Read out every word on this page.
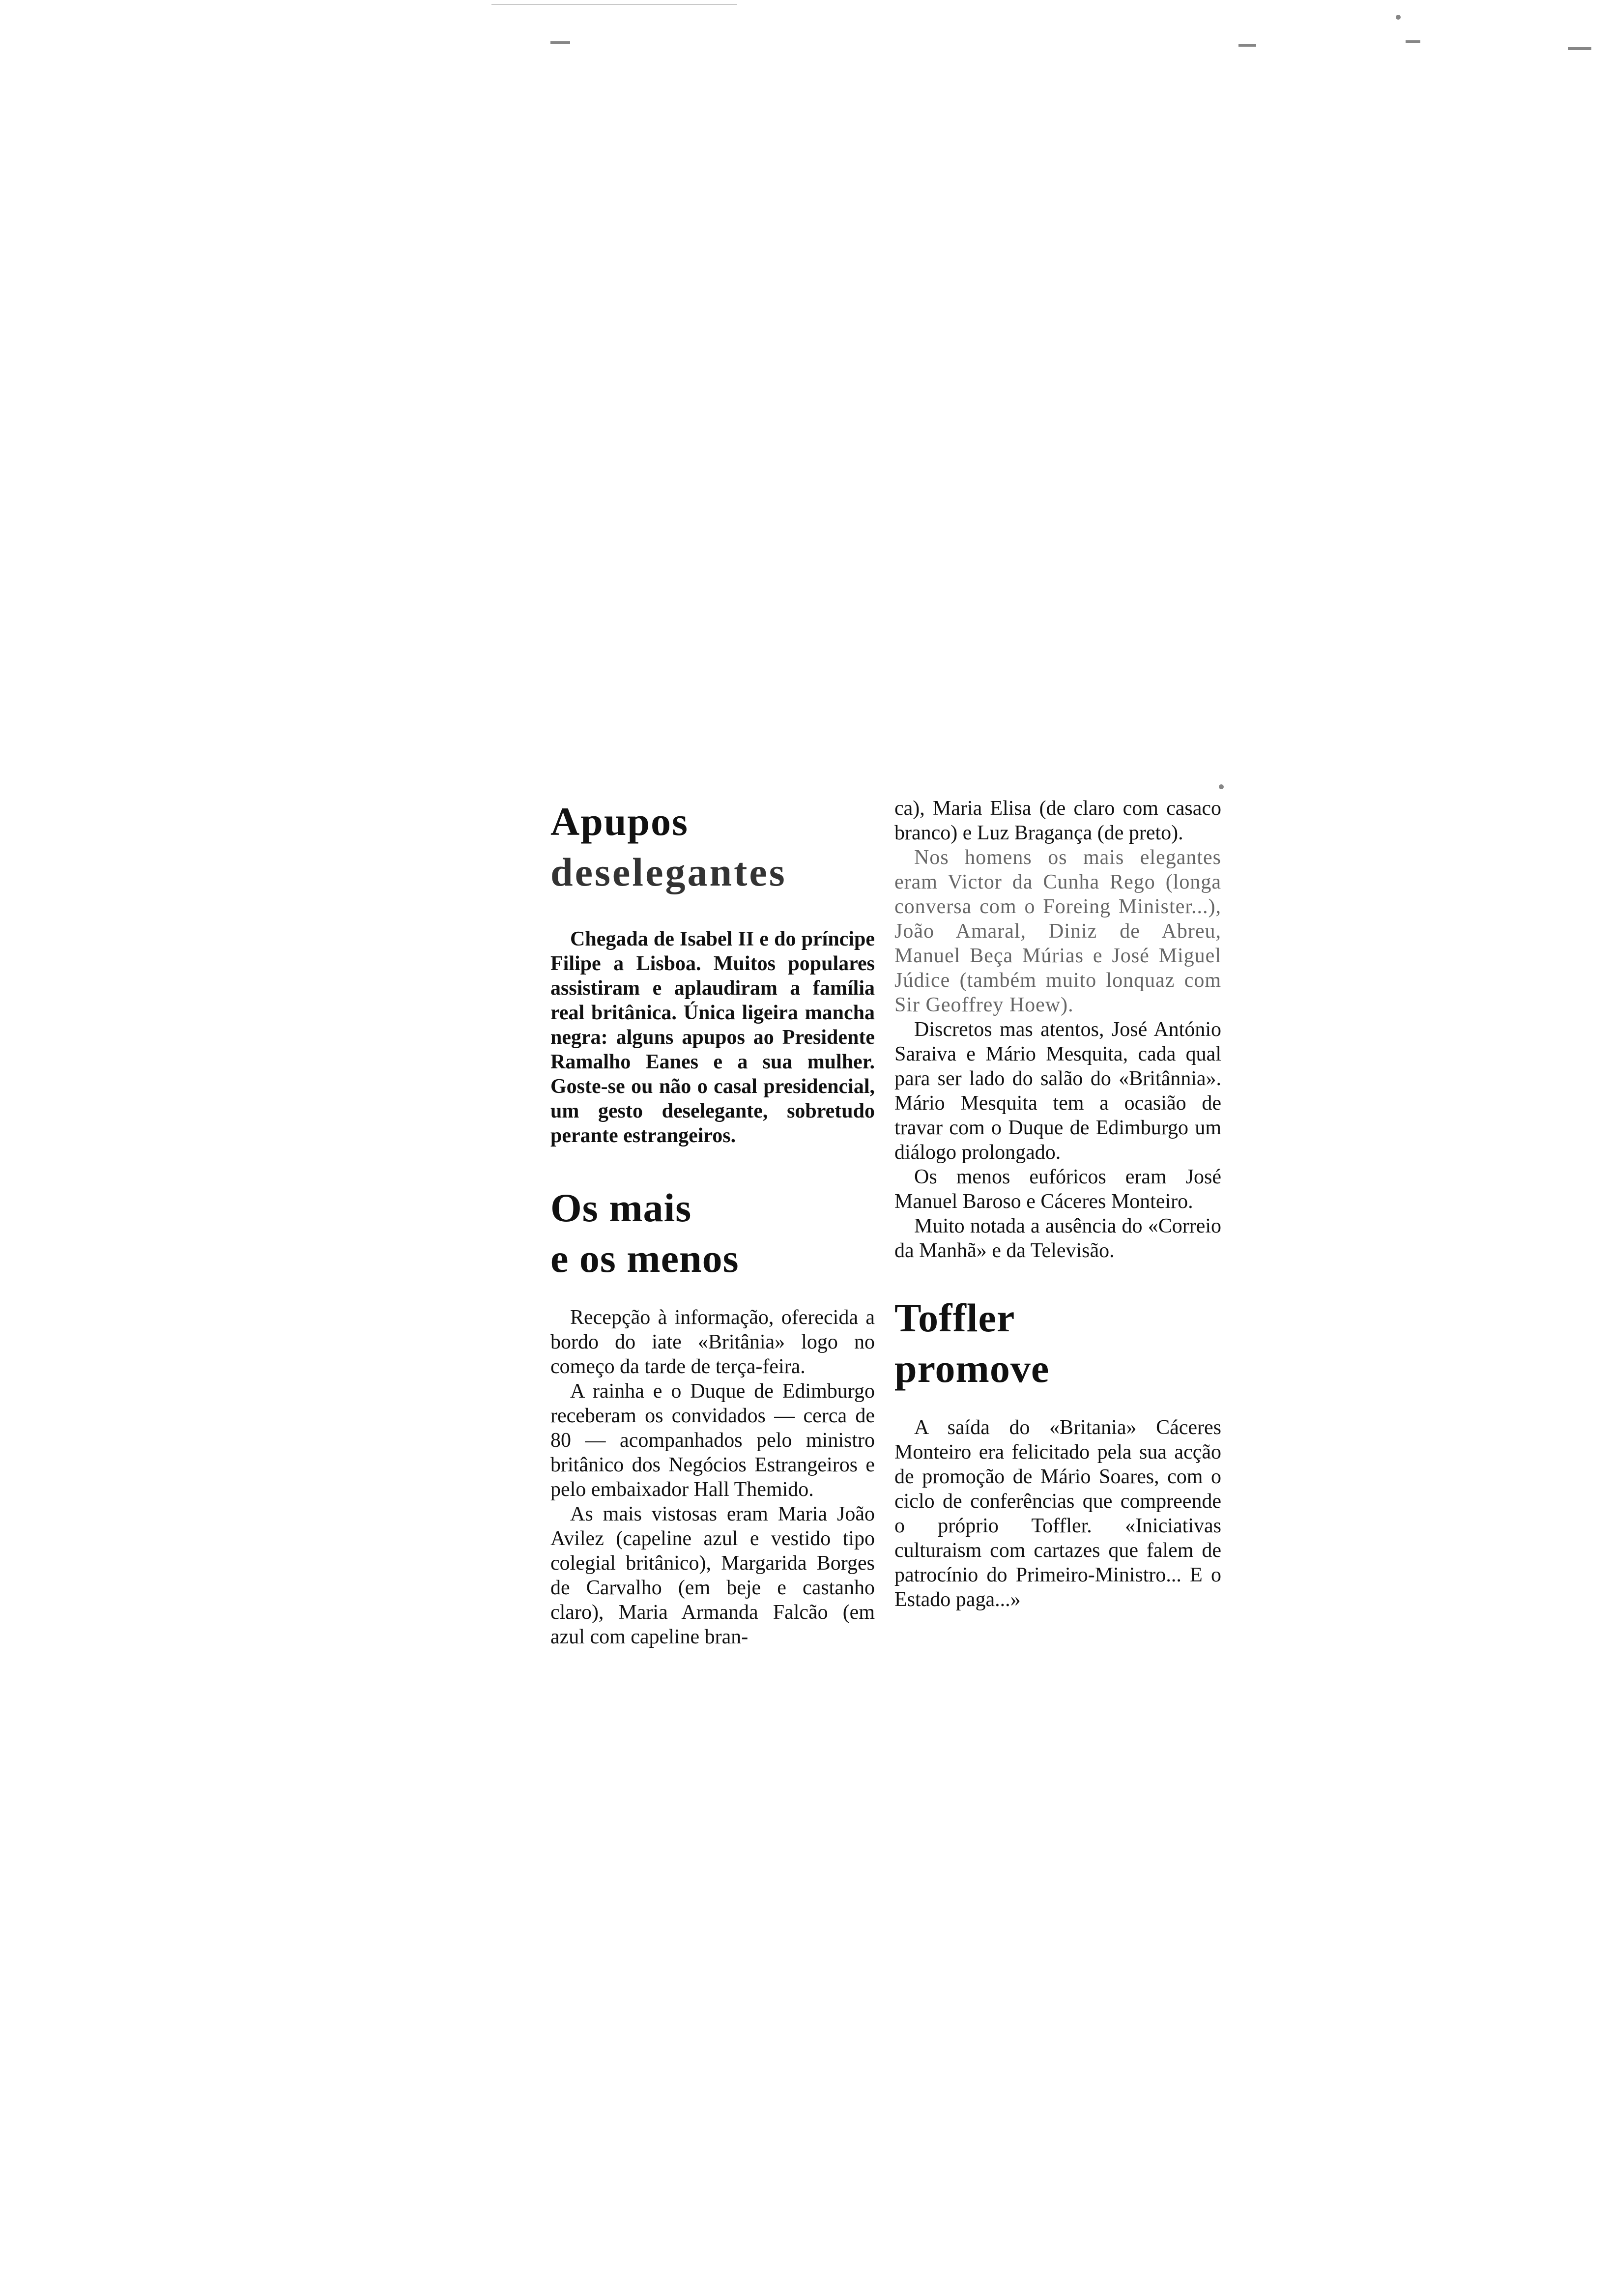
Apupos
deselegantes

Chegada de Isabel II e do príncipe Filipe a Lisboa. Muitos populares assistiram e aplaudiram a família real britânica. Única ligeira mancha negra: alguns apupos ao Presidente Ramalho Eanes e a sua mulher. Goste-se ou não o casal presidencial, um gesto deselegante, sobretudo perante estrangeiros.

Os mais
e os menos

Recepção à informação, oferecida a bordo do iate «Britânia» logo no começo da tarde de terça-feira.

A rainha e o Duque de Edimburgo receberam os convidados — cerca de 80 — acompanhados pelo ministro britânico dos Negócios Estrangeiros e pelo embaixador Hall Themido.

As mais vistosas eram Maria João Avilez (capeline azul e vestido tipo colegial britânico), Margarida Borges de Carvalho (em beje e castanho claro), Maria Armanda Falcão (em azul com capeline bran-

ca), Maria Elisa (de claro com casaco branco) e Luz Bragança (de preto).

Nos homens os mais elegantes eram Victor da Cunha Rego (longa conversa com o Foreing Minister...), João Amaral, Diniz de Abreu, Manuel Beça Múrias e José Miguel Júdice (também muito lonquaz com Sir Geoffrey Hoew).

Discretos mas atentos, José António Saraiva e Mário Mesquita, cada qual para ser lado do salão do «Britânnia». Mário Mesquita tem a ocasião de travar com o Duque de Edimburgo um diálogo prolongado.

Os menos eufóricos eram José Manuel Baroso e Cáceres Monteiro.

Muito notada a ausência do «Correio da Manhã» e da Televisão.

Toffler
promove

A saída do «Britania» Cáceres Monteiro era felicitado pela sua acção de promoção de Mário Soares, com o ciclo de conferências que compreende o próprio Toffler. «Iniciativas culturaism com cartazes que falem de patrocínio do Primeiro-Ministro... E o Estado paga...»
